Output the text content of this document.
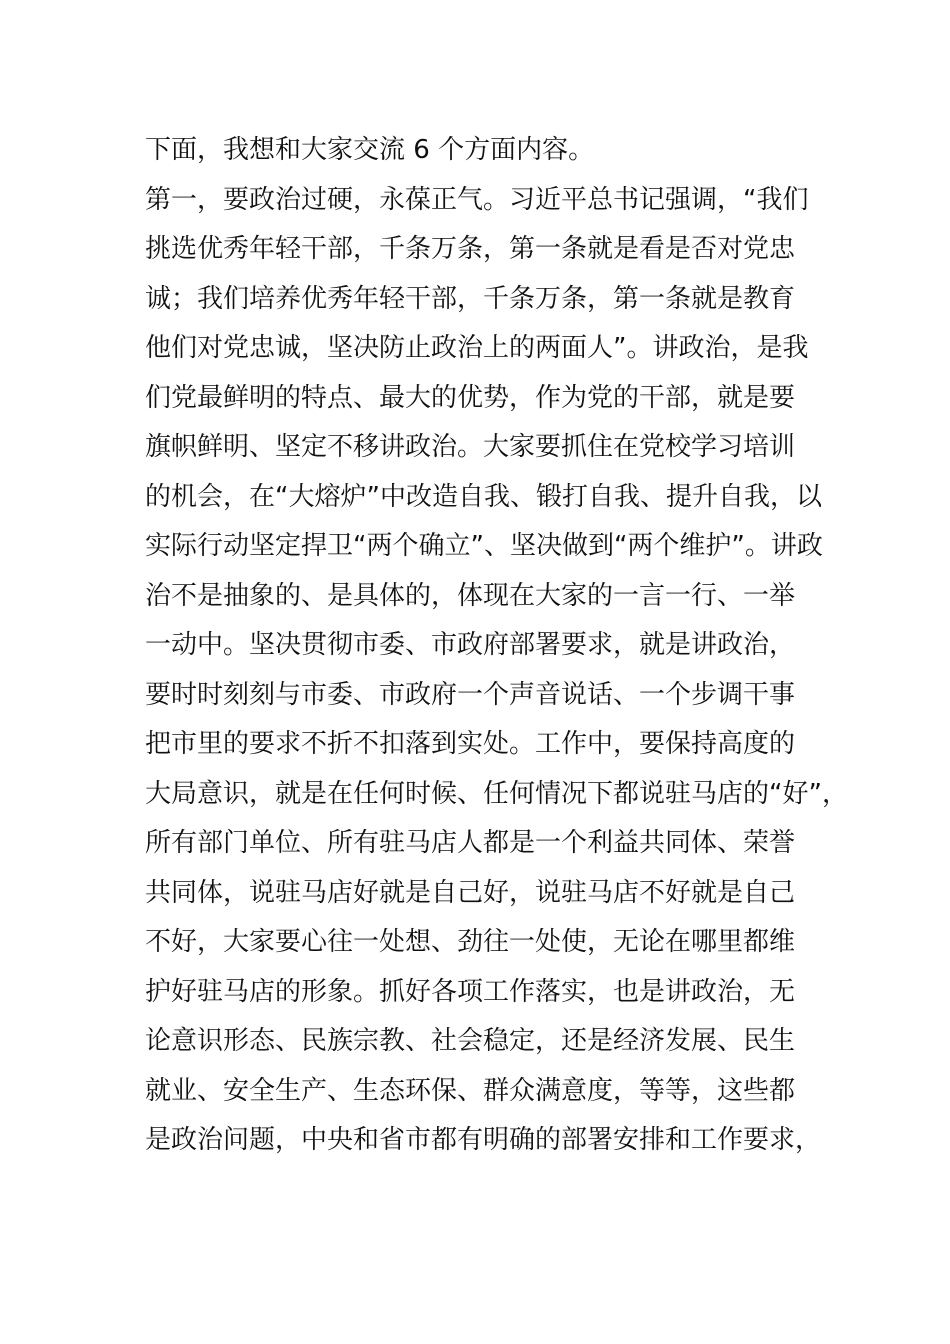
下面，我想和大家交流 6 个方面内容。
第一，要政治过硬，永葆正气。习近平总书记强调，“我们
挑选优秀年轻干部，千条万条，第一条就是看是否对党忠
诚；我们培养优秀年轻干部，千条万条，第一条就是教育
他们对党忠诚，坚决防止政治上的两面人”。讲政治，是我
们党最鲜明的特点、最大的优势，作为党的干部，就是要
旗帜鲜明、坚定不移讲政治。大家要抓住在党校学习培训
的机会，在“大熔炉”中改造自我、锻打自我、提升自我，以
实际行动坚定捍卫“两个确立”、坚决做到“两个维护”。讲政
治不是抽象的、是具体的，体现在大家的一言一行、一举
一动中。坚决贯彻市委、市政府部署要求，就是讲政治，
要时时刻刻与市委、市政府一个声音说话、一个步调干事
把市里的要求不折不扣落到实处。工作中，要保持高度的
大局意识，就是在任何时候、任何情况下都说驻马店的“好”，
所有部门单位、所有驻马店人都是一个利益共同体、荣誉
共同体，说驻马店好就是自己好，说驻马店不好就是自己
不好，大家要心往一处想、劲往一处使，无论在哪里都维
护好驻马店的形象。抓好各项工作落实，也是讲政治，无
论意识形态、民族宗教、社会稳定，还是经济发展、民生
就业、安全生产、生态环保、群众满意度，等等，这些都
是政治问题，中央和省市都有明确的部署安排和工作要求，
